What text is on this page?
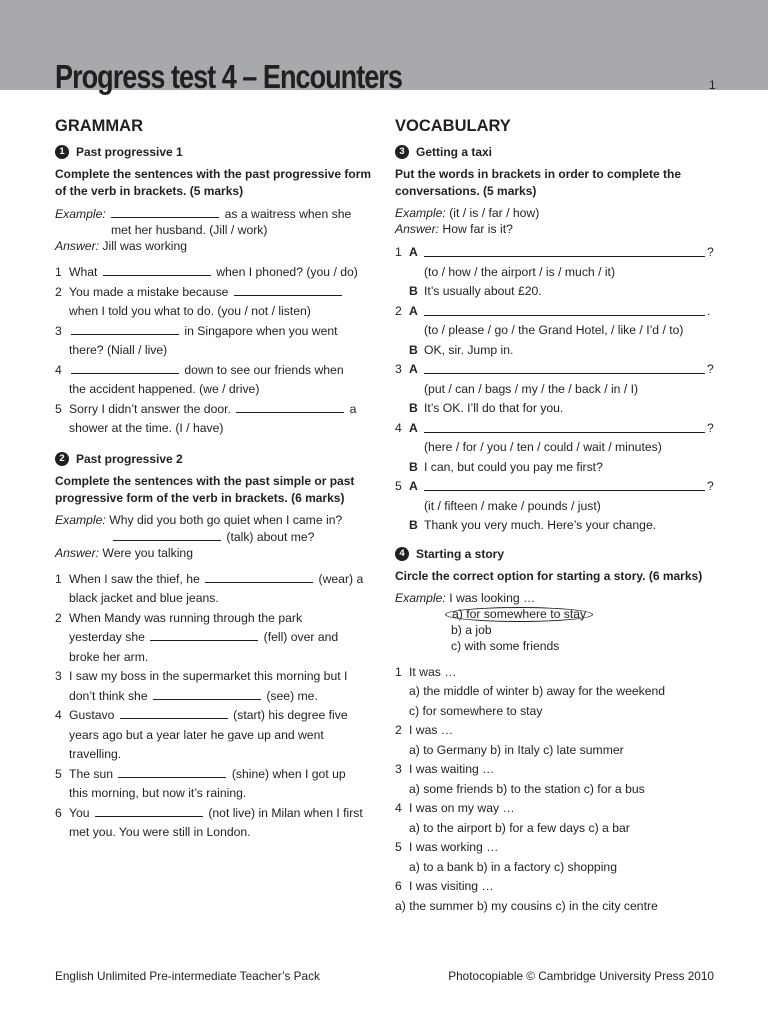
Progress test 4 – Encounters	1
GRAMMAR
1 Past progressive 1
Complete the sentences with the past progressive form of the verb in brackets. (5 marks)

Example:	as a waitress when she

met her husband. (Jill / work)

Answer: Jill was working

1 What	when I phoned? (you / do)
2 You made a mistake because
when I told you what to do. (you / not / listen)
3	in Singapore when you went
there? (Niall / live)
4	down to see our friends when
the accident happened. (we / drive)
5 Sorry I didn’t answer the door.	a
shower at the time. (I / have)
2 Past progressive 2
Complete the sentences with the past simple or past progressive form of the verb in brackets. (6 marks)

Example: Why did you both go quiet when I came in?

(talk) about me?

Answer: Were you talking

1 When I saw the thief, he	(wear) a
black jacket and blue jeans.
2 When Mandy was running through the park
yesterday she	(fell) over and
broke her arm.
3 I saw my boss in the supermarket this morning but I
don’t think she	(see) me.
4 Gustavo	(start) his degree five
years ago but a year later he gave up and went
travelling.
5 The sun	(shine) when I got up
this morning, but now it’s raining.
6 You	(not live) in Milan when I first
met you. You were still in London.
VOCABULARY
3 Getting a taxi
Put the words in brackets in order to complete the conversations. (5 marks)

Example: (it / is / far / how)

Answer: How far is it?

1 A	?
(to / how / the airport / is / much / it)
B It’s usually about £20.
2 A	.
(to / please / go / the Grand Hotel, / like / I’d / to)
B OK, sir. Jump in.
3 A	?
(put / can / bags / my / the / back / in / I)
B It’s OK. I’ll do that for you.
4 A	?
(here / for / you / ten / could / wait / minutes)
B I can, but could you pay me first?
5 A	?
(it / fifteen / make / pounds / just)
B Thank you very much. Here’s your change.
4 Starting a story
Circle the correct option for starting a story. (6 marks)

Example: I was looking …

a) for somewhere to stay

b) a job

c) with some friends

1 It was …
a) the middle of winter b) away for the weekend
c) for somewhere to stay
2 I was …
a) to Germany b) in Italy c) late summer
3 I was waiting …
a) some friends b) to the station c) for a bus
4 I was on my way …
a) to the airport b) for a few days c) a bar
5 I was working …
a) to a bank b) in a factory c) shopping
6 I was visiting …
a) the summer b) my cousins c) in the city centre
English Unlimited Pre-intermediate Teacher’s Pack	Photocopiable © Cambridge University Press 2010
